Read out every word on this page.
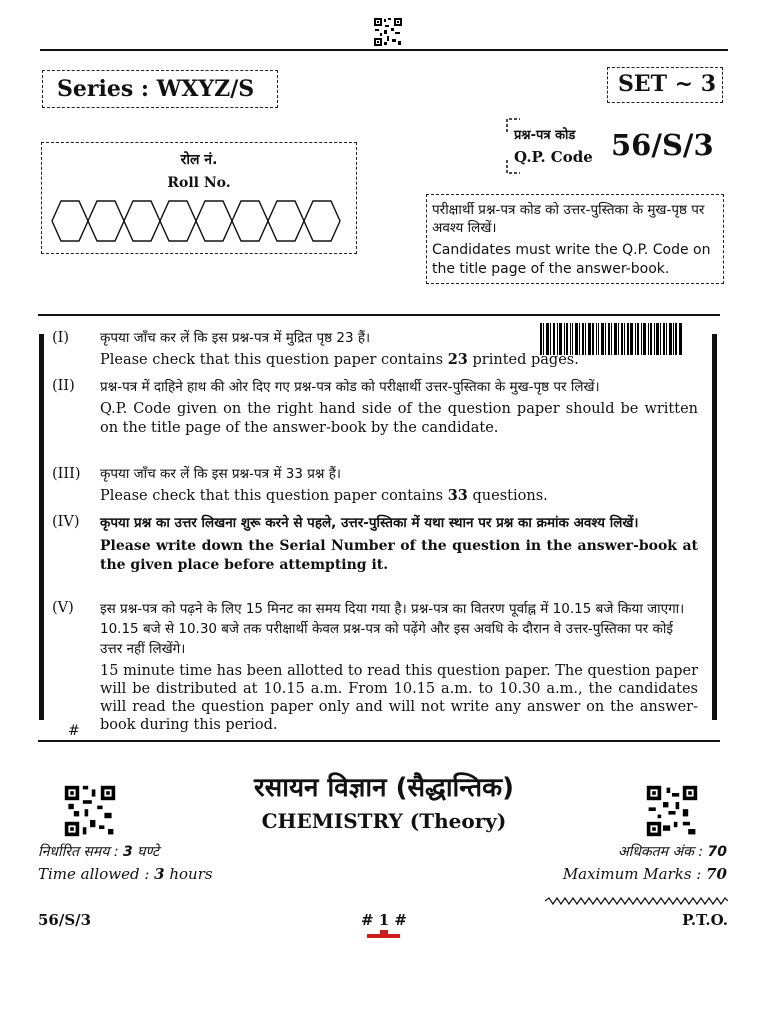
Series : WXYZ/S	SET ~ 3
रोल नं.
Roll No.
प्रश्न-पत्र कोड
Q.P. Code 56/S/3
परीक्षार्थी प्रश्न-पत्र कोड को उत्तर-पुस्तिका के मुख-पृष्ठ पर अवश्य लिखें।
Candidates must write the Q.P. Code on the title page of the answer-book.
(I)	कृपया जाँच कर लें कि इस प्रश्न-पत्र में मुद्रित पृष्ठ 23 हैं।
Please check that this question paper contains 23 printed pages.
(II)	प्रश्न-पत्र में दाहिने हाथ की ओर दिए गए प्रश्न-पत्र कोड को परीक्षार्थी उत्तर-पुस्तिका के मुख-पृष्ठ पर लिखें।
Q.P. Code given on the right hand side of the question paper should be written on the title page of the answer-book by the candidate.
(III)	कृपया जाँच कर लें कि इस प्रश्न-पत्र में 33 प्रश्न हैं।
Please check that this question paper contains 33 questions.
(IV)	कृपया प्रश्न का उत्तर लिखना शुरू करने से पहले, उत्तर-पुस्तिका में यथा स्थान पर प्रश्न का क्रमांक अवश्य लिखें।
Please write down the Serial Number of the question in the answer-book at the given place before attempting it.
(V)	इस प्रश्न-पत्र को पढ़ने के लिए 15 मिनट का समय दिया गया है। प्रश्न-पत्र का वितरण पूर्वाह्न में 10.15 बजे किया जाएगा। 10.15 बजे से 10.30 बजे तक परीक्षार्थी केवल प्रश्न-पत्र को पढ़ेंगे और इस अवधि के दौरान वे उत्तर-पुस्तिका पर कोई उत्तर नहीं लिखेंगे।
15 minute time has been allotted to read this question paper. The question paper will be distributed at 10.15 a.m. From 10.15 a.m. to 10.30 a.m., the candidates will read the question paper only and will not write any answer on the answer-book during this period.
#
रसायन विज्ञान (सैद्धान्तिक)
CHEMISTRY (Theory)
निर्धारित समय : 3 घण्टे
Time allowed : 3 hours
अधिकतम अंक : 70
Maximum Marks : 70
56/S/3	# 1 #	P.T.O.
